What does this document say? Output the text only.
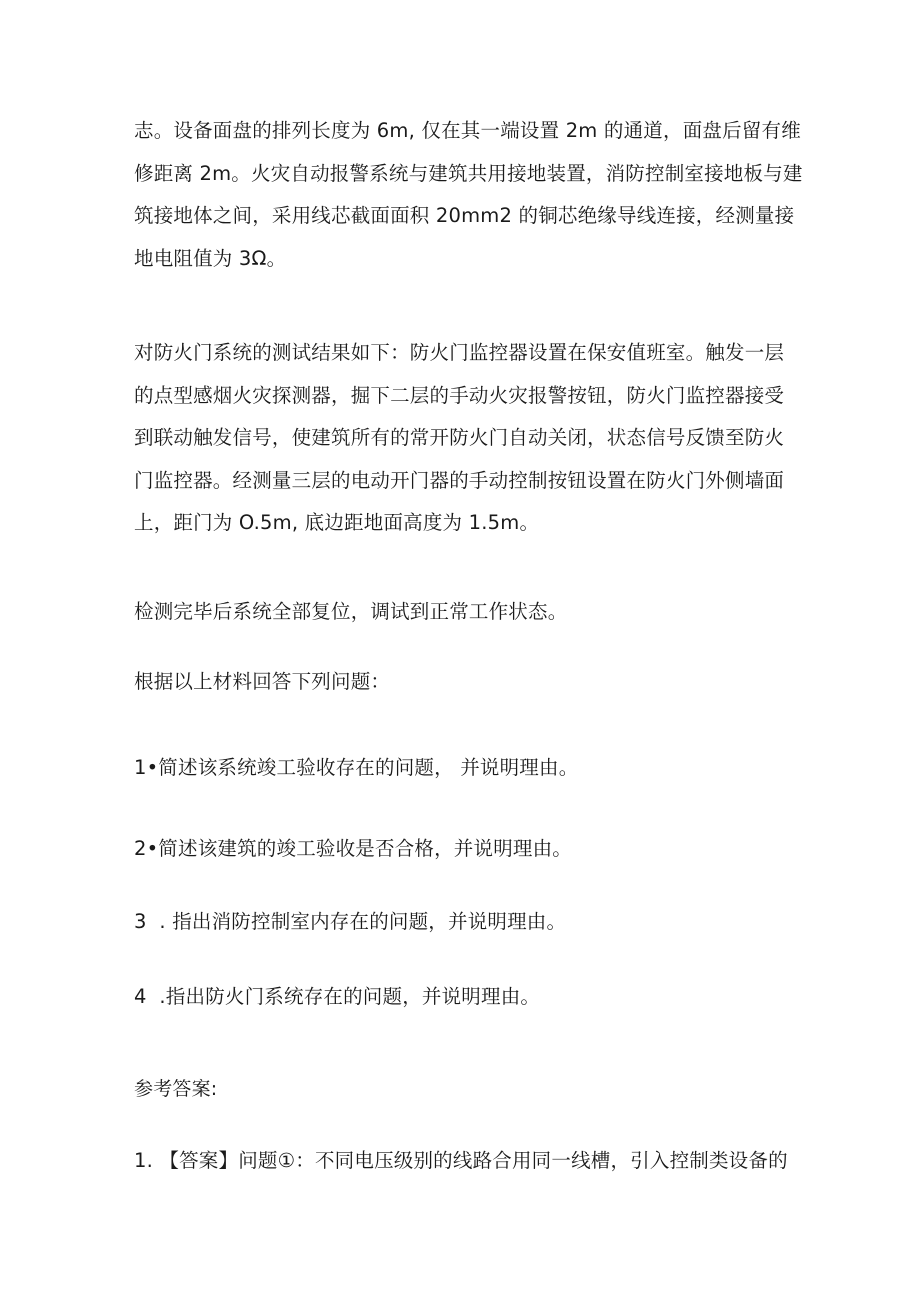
志。设备面盘的排列长度为 6m, 仅在其一端设置 2m 的通道，面盘后留有维
修距离 2m。火灾自动报警系统与建筑共用接地装置，消防控制室接地板与建
筑接地体之间，采用线芯截面面积 20mm2 的铜芯绝缘导线连接，经测量接
地电阻值为 3Ω。

对防火门系统的测试结果如下：防火门监控器设置在保安值班室。触发一层
的点型感烟火灾探测器，掘下二层的手动火灾报警按钮，防火门监控器接受
到联动触发信号，使建筑所有的常开防火门自动关闭，状态信号反馈至防火
门监控器。经测量三层的电动开门器的手动控制按钮设置在防火门外侧墙面
上，距门为 O.5m, 底边距地面高度为 1.5m。

检测完毕后系统全部复位，调试到正常工作状态。

根据以上材料回答下列问题：

1•简述该系统竣工验收存在的问题， 并说明理由。

2•简述该建筑的竣工验收是否合格，并说明理由。

3  . 指出消防控制室内存在的问题，并说明理由。

4  .指出防火门系统存在的问题，并说明理由。

参考答案:

1. 【答案】问题①：不同电压级别的线路合用同一线槽，引入控制类设备的
